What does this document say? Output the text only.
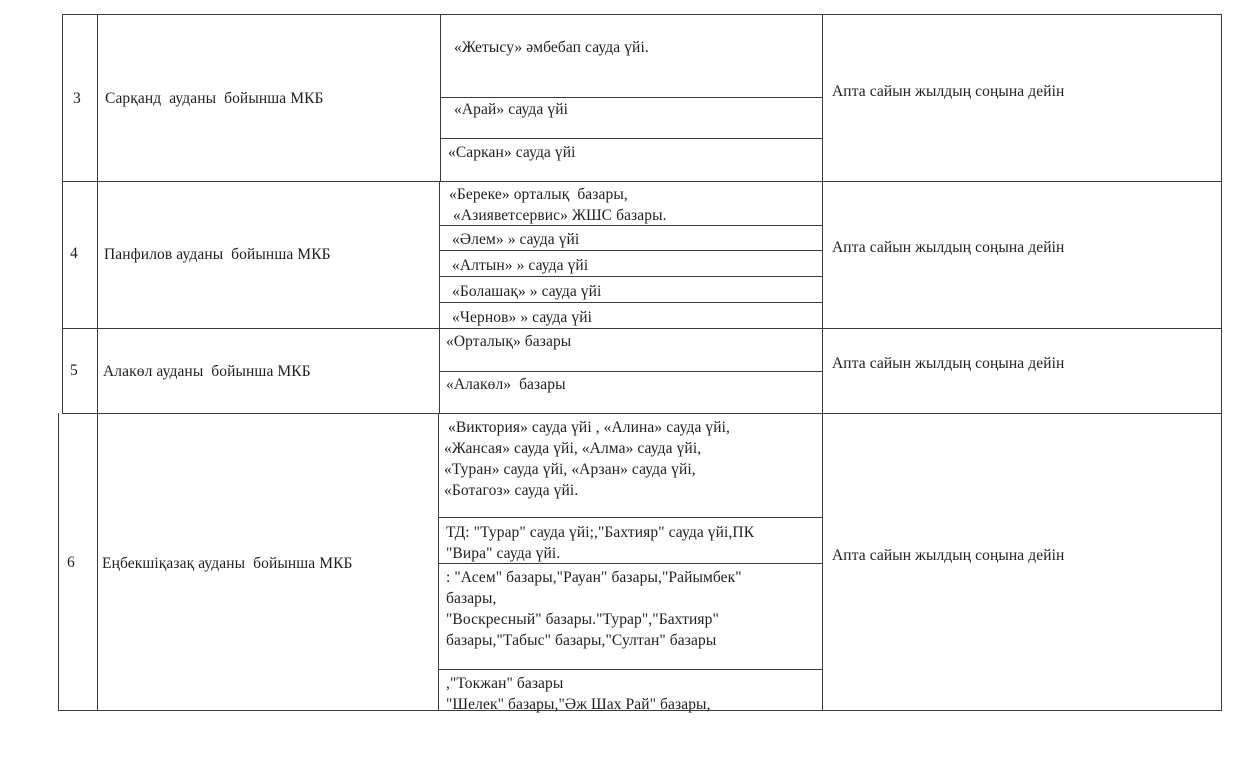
3 Сарқанд  ауданы  бойынша МКБ
«Жетысу» әмбебап сауда үйі.
«Арай» сауда үйі
«Саркан» сауда үйі
Апта сайын жылдың соңына дейін
4 Панфилов ауданы  бойынша МКБ
«Береке» орталық  базары,
«Азияветсервис» ЖШС базары.
«Әлем» » сауда үйі
«Алтын» » сауда үйі
«Болашақ» » сауда үйі
«Чернов» » сауда үйі
Апта сайын жылдың соңына дейін
5 Алакөл ауданы  бойынша МКБ
«Орталық» базары
«Алакөл»  базары
Апта сайын жылдың соңына дейін
6 Еңбекшіқазақ ауданы  бойынша МКБ
«Виктория» сауда үйі , «Алина» сауда үйі,
«Жансая» сауда үйі, «Алма» сауда үйі,
«Туран» сауда үйі, «Арзан» сауда үйі,
«Ботагоз» сауда үйі.
ТД: "Турар" сауда үйі;,"Бахтияр" сауда үйі,ПК
"Вира" сауда үйі.
: "Асем" базары,"Рауан" базары,"Райымбек"
базары,
"Воскресный" базары."Турар","Бахтияр"
базары,"Табыс" базары,"Султан" базары
,"Токжан" базары
"Шелек" базары,"Әж Шах Рай" базары,
Апта сайын жылдың соңына дейін
